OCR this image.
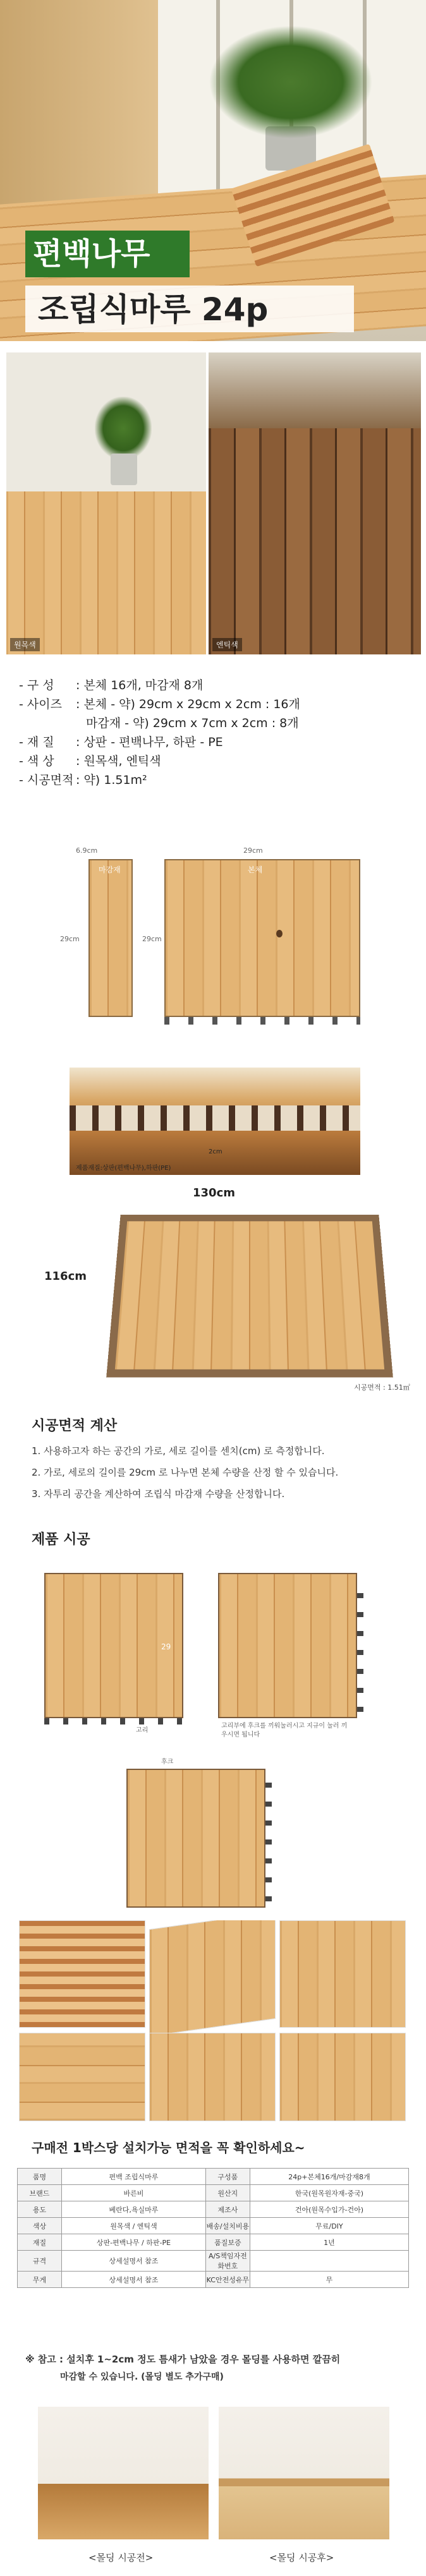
편백나무
조립식마루 24p
원목색	엔틱색
- 구 성 : 본체 16개, 마감재 8개
- 사이즈 : 본체 - 약) 29cm x 29cm x 2cm : 16개
마감재 - 약) 29cm x 7cm x 2cm : 8개
- 재 질 : 상판 - 편백나무, 하판 - PE
- 색 상 : 원목색, 엔틱색
- 시공면적 : 약) 1.51m²
6.9cm	29cm
마감재
29cm
본체
29cm
제품재질:상판(편백나무),하판(PE)
2cm
130cm
116cm
시공면적 : 1.51㎡
시공면적 계산
1. 사용하고자 하는 공간의 가로, 세로 길이를 센치(cm) 로 측정합니다.
2. 가로, 세로의 길이를 29cm 로 나누면 본체 수량을 산정 할 수 있습니다.
3. 자투리 공간을 계산하여 조립식 마감재 수량을 산정합니다.
제품 시공
29
고리
고리부에 후크를 끼워눌러시고 지규이 눌러 끼우시면 됩니다
후크
구매전 1박스당 설치가능 면적을 꼭 확인하세요~
품명	편백 조립식마루	구성품	24p+본체16개/마감재8개
브랜드	바른비	원산지	한국(원목원자재-중국)
용도	베란다,욕실마루	제조사	건아(원목수입가-건아)
색상	원목색 / 엔틱색	배송/설치비용	무료/DIY
재질	상판-편백나무 / 하판-PE	품질보증	1년
규격	상세설명서 참조	A/S책임자전화번호	
무게	상세설명서 참조	KC안전성유무	무
※ 참고 : 설치후 1~2cm 정도 틈새가 남았을 경우 몰딩를 사용하면 깔끔히
마감할 수 있습니다. (몰딩 별도 추가구매)
<몰딩 시공전>	<몰딩 시공후>
